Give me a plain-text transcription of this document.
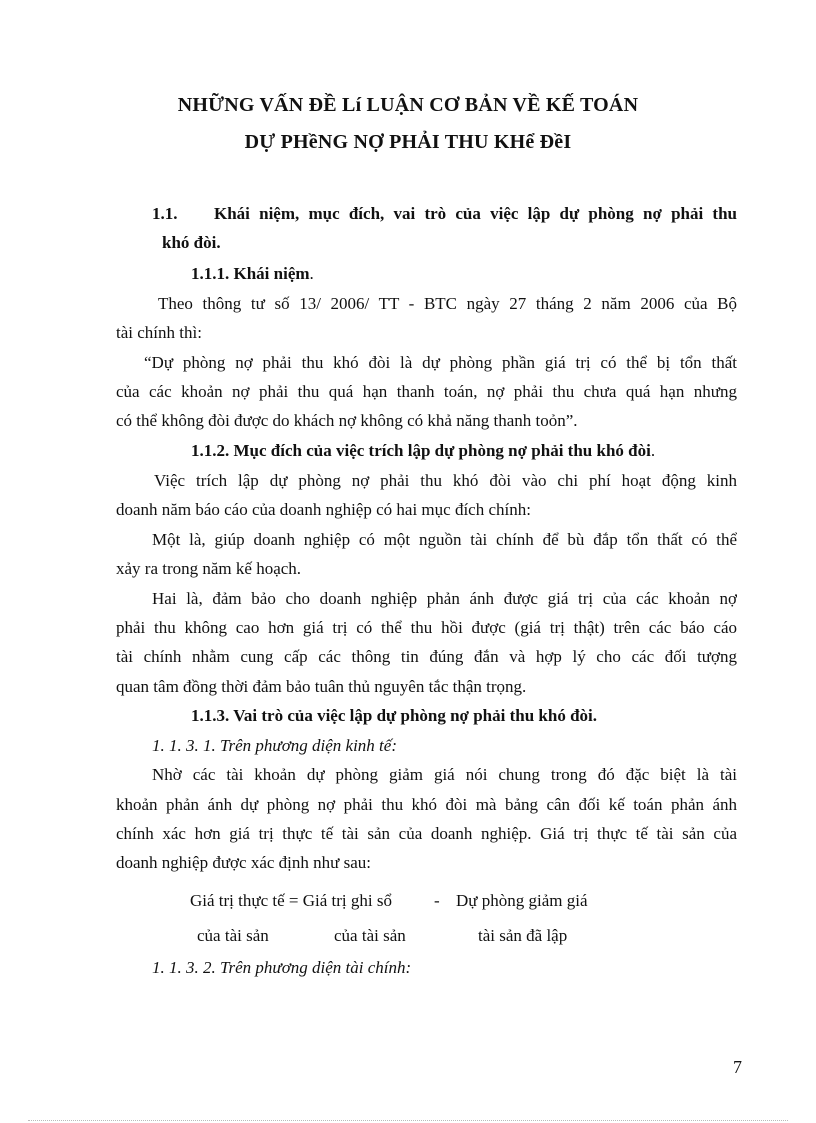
NHỮNG VẤN ĐỀ Lí LUẬN CƠ BẢN VỀ KẾ TOÁN
DỰ PHềNG NỢ PHẢI THU KHể ĐềI
1.1. Khái niệm, mục đích, vai trò của việc lập dự phòng nợ phải thu
khó đòi.
1.1.1. Khái niệm.
Theo thông tư số 13/ 2006/ TT - BTC ngày 27 tháng 2 năm 2006 của Bộ
tài chính thì:
“Dự phòng nợ phải thu khó đòi là dự phòng phần giá trị có thể bị tổn thất
của các khoản nợ phải thu quá hạn thanh toán, nợ phải thu chưa quá hạn nhưng
có thể không đòi được do khách nợ không có khả năng thanh toỏn”.
1.1.2. Mục đích của việc trích lập dự phòng nợ phải thu khó đòi.
Việc trích lập dự phòng nợ phải thu khó đòi vào chi phí hoạt động kinh
doanh năm báo cáo của doanh nghiệp có hai mục đích chính:
Một là, giúp doanh nghiệp có một nguồn tài chính để bù đắp tổn thất có thể
xảy ra trong năm kế hoạch.
Hai là, đảm bảo cho doanh nghiệp phản ánh được giá trị của các khoản nợ
phải thu không cao hơn giá trị có thể thu hồi được (giá trị thật) trên các báo cáo
tài chính nhằm cung cấp các thông tin đúng đắn và hợp lý cho các đối tượng
quan tâm đồng thời đảm bảo tuân thủ nguyên tắc thận trọng.
1.1.3. Vai trò của việc lập dự phòng nợ phải thu khó đòi.
1. 1. 3. 1. Trên phương diện kinh tế:
Nhờ các tài khoản dự phòng giảm giá nói chung trong đó đặc biệt là tài
khoản phản ánh dự phòng nợ phải thu khó đòi mà bảng cân đối kế toán phản ánh
chính xác hơn giá trị thực tế tài sản của doanh nghiệp. Giá trị thực tế tài sản của
doanh nghiệp được xác định như sau:
Giá trị thực tế = Giá trị ghi sổ - Dự phòng giảm giá
của tài sản	của tài sản	tài sản đã lập
1. 1. 3. 2. Trên phương diện tài chính:
7
